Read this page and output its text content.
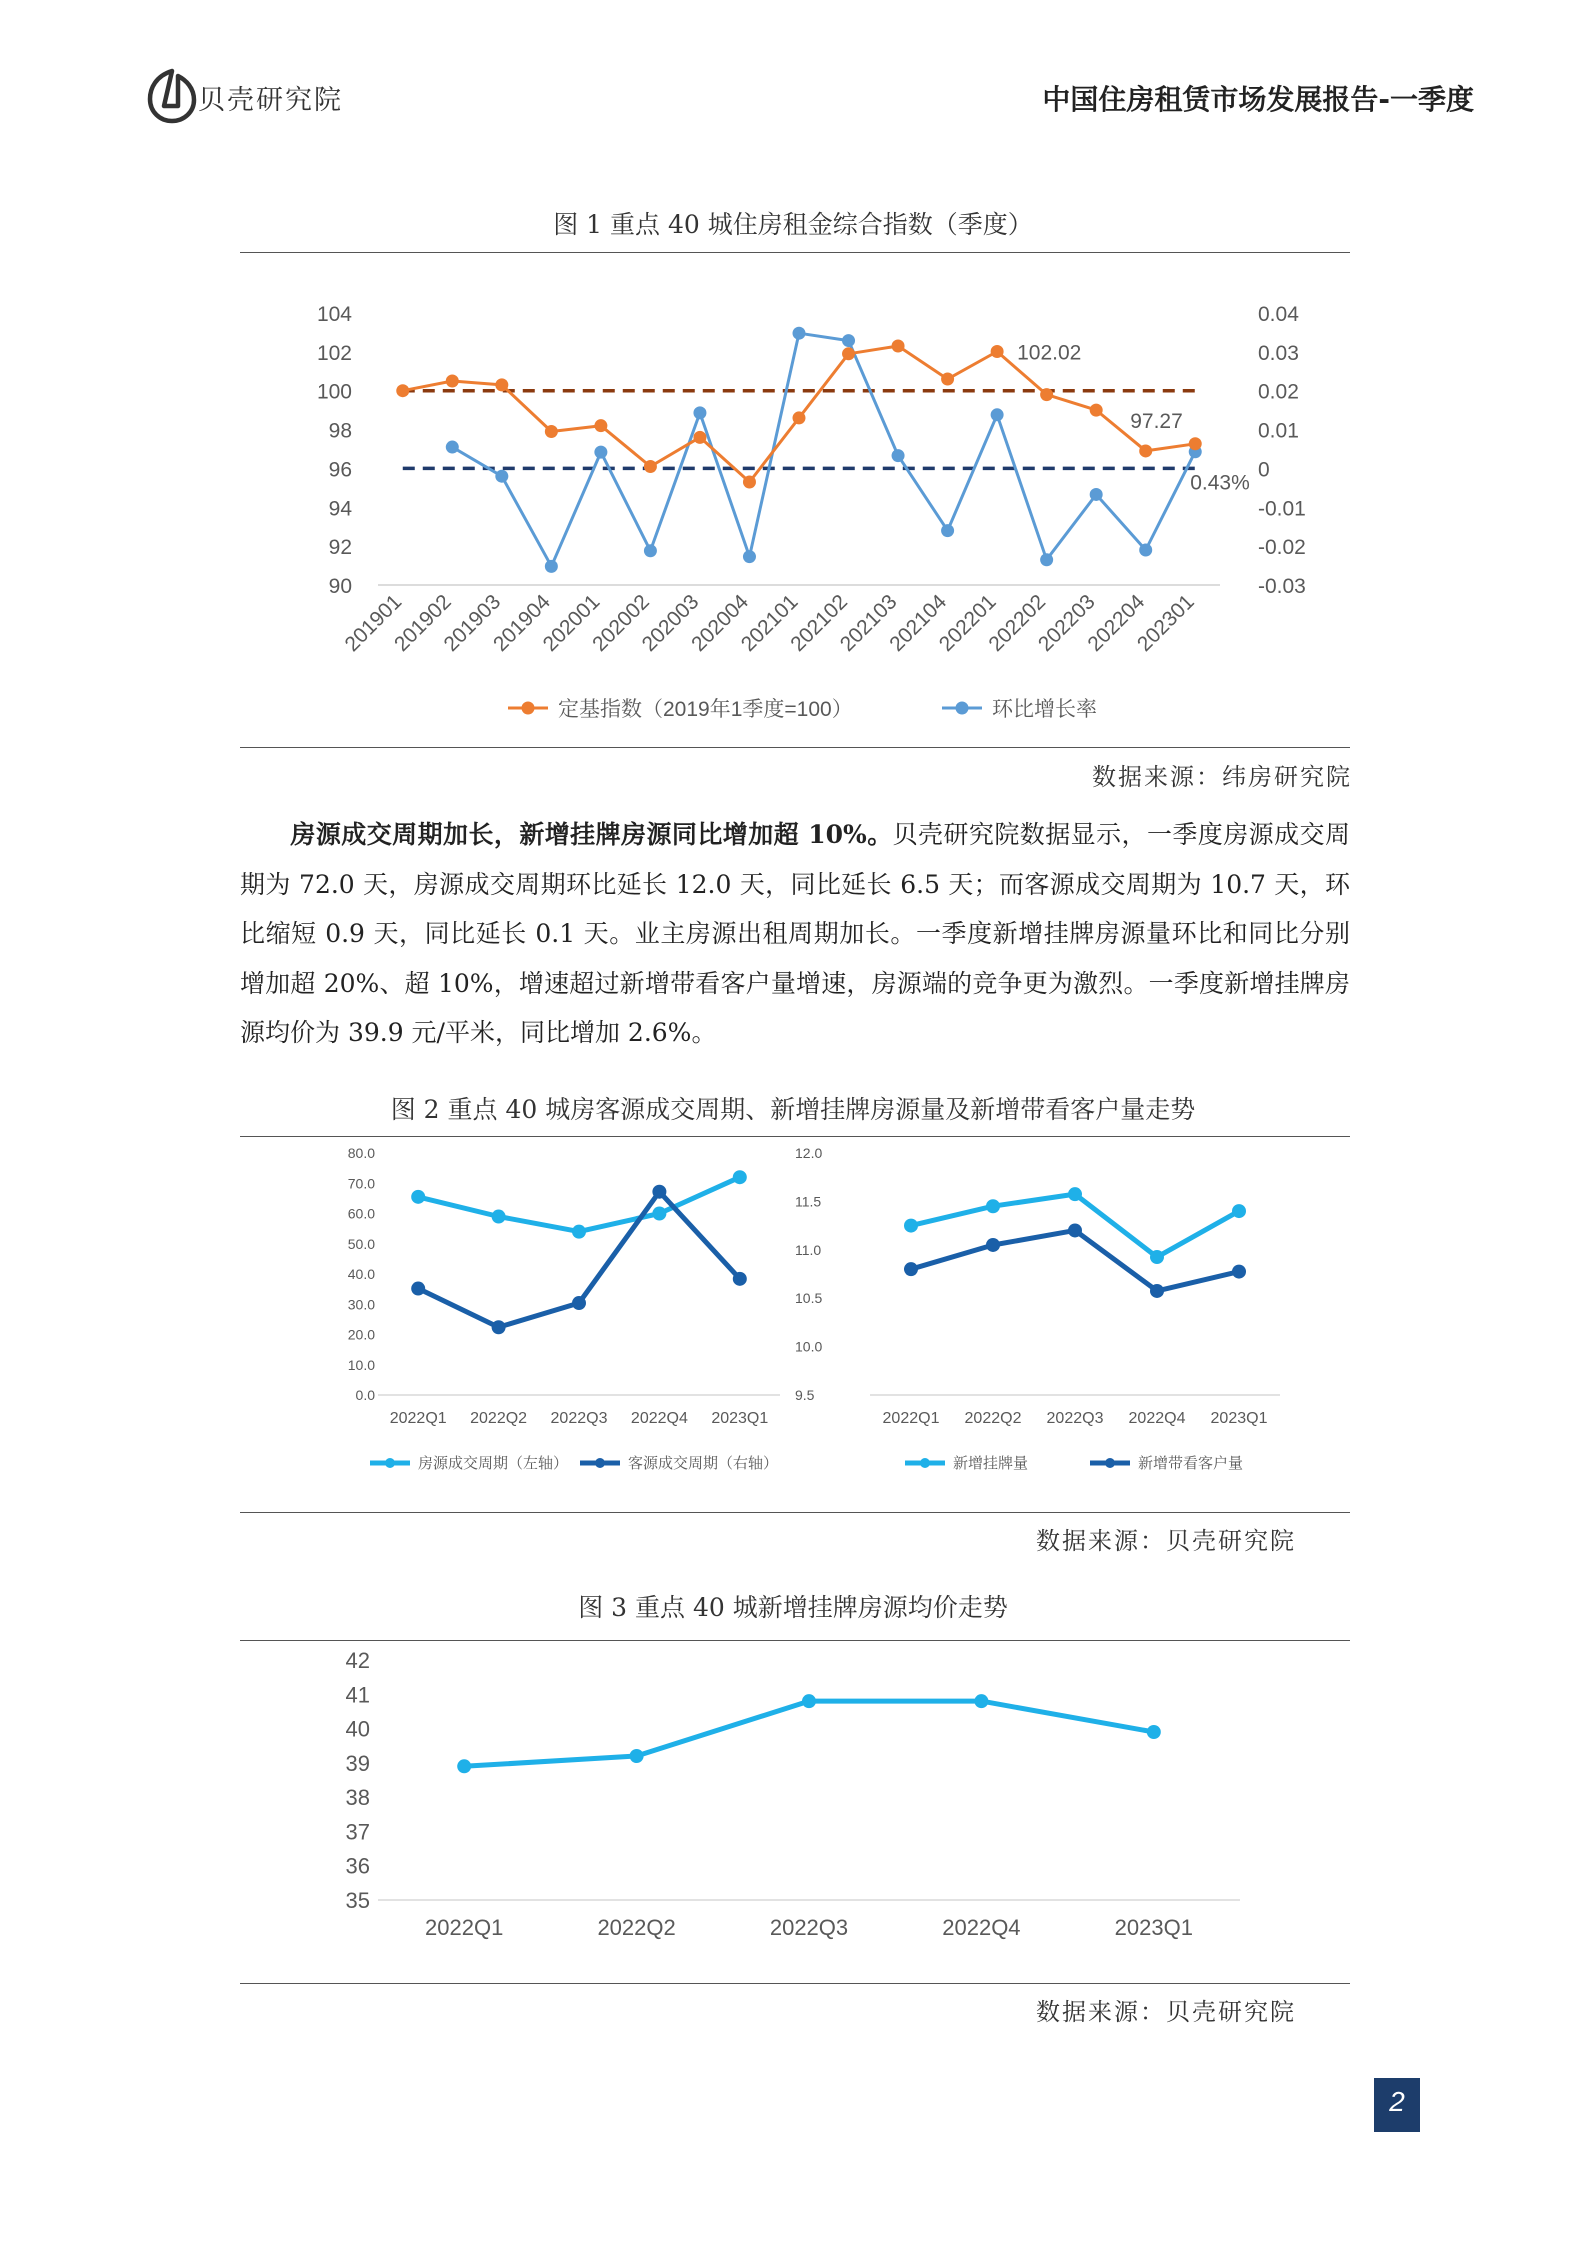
贝壳研究院	中国住房租赁市场发展报告-一季度
图 1 重点 40 城住房租金综合指数（季度）
104
102
100
98
96
94
92
90
0.04
0.03
0.02
0.01
0
-0.01
-0.02
-0.03
201901
201902
201903
201904
202001
202002
202003
202004
202101
202102
202103
202104
202201
202202
202203
202204
202301
102.02
97.27
0.43%
定基指数（2019年1季度=100）	环比增长率
数据来源：纬房研究院
房源成交周期加长，新增挂牌房源同比增加超 10%。贝壳研究院数据显示，一季度房源成交周期为 72.0 天，房源成交周期环比延长 12.0 天，同比延长 6.5 天；而客源成交周期为 10.7 天，环比缩短 0.9 天，同比延长 0.1 天。业主房源出租周期加长。一季度新增挂牌房源量环比和同比分别增加超 20%、超 10%，增速超过新增带看客户量增速，房源端的竞争更为激烈。一季度新增挂牌房源均价为 39.9 元/平米，同比增加 2.6%。
图 2 重点 40 城房客源成交周期、新增挂牌房源量及新增带看客户量走势
80.0
70.0
60.0
50.0
40.0
30.0
20.0
10.0
0.0
12.0
11.5
11.0
10.5
10.0
9.5
2022Q1 2022Q2 2022Q3 2022Q4 2023Q1	2022Q1 2022Q2 2022Q3 2022Q4 2023Q1
房源成交周期（左轴）	客源成交周期（右轴）	新增挂牌量	新增带看客户量
数据来源：贝壳研究院
图 3 重点 40 城新增挂牌房源均价走势
42
41
40
39
38
37
36
35
2022Q1	2022Q2	2022Q3	2022Q4	2023Q1
数据来源：贝壳研究院
2
